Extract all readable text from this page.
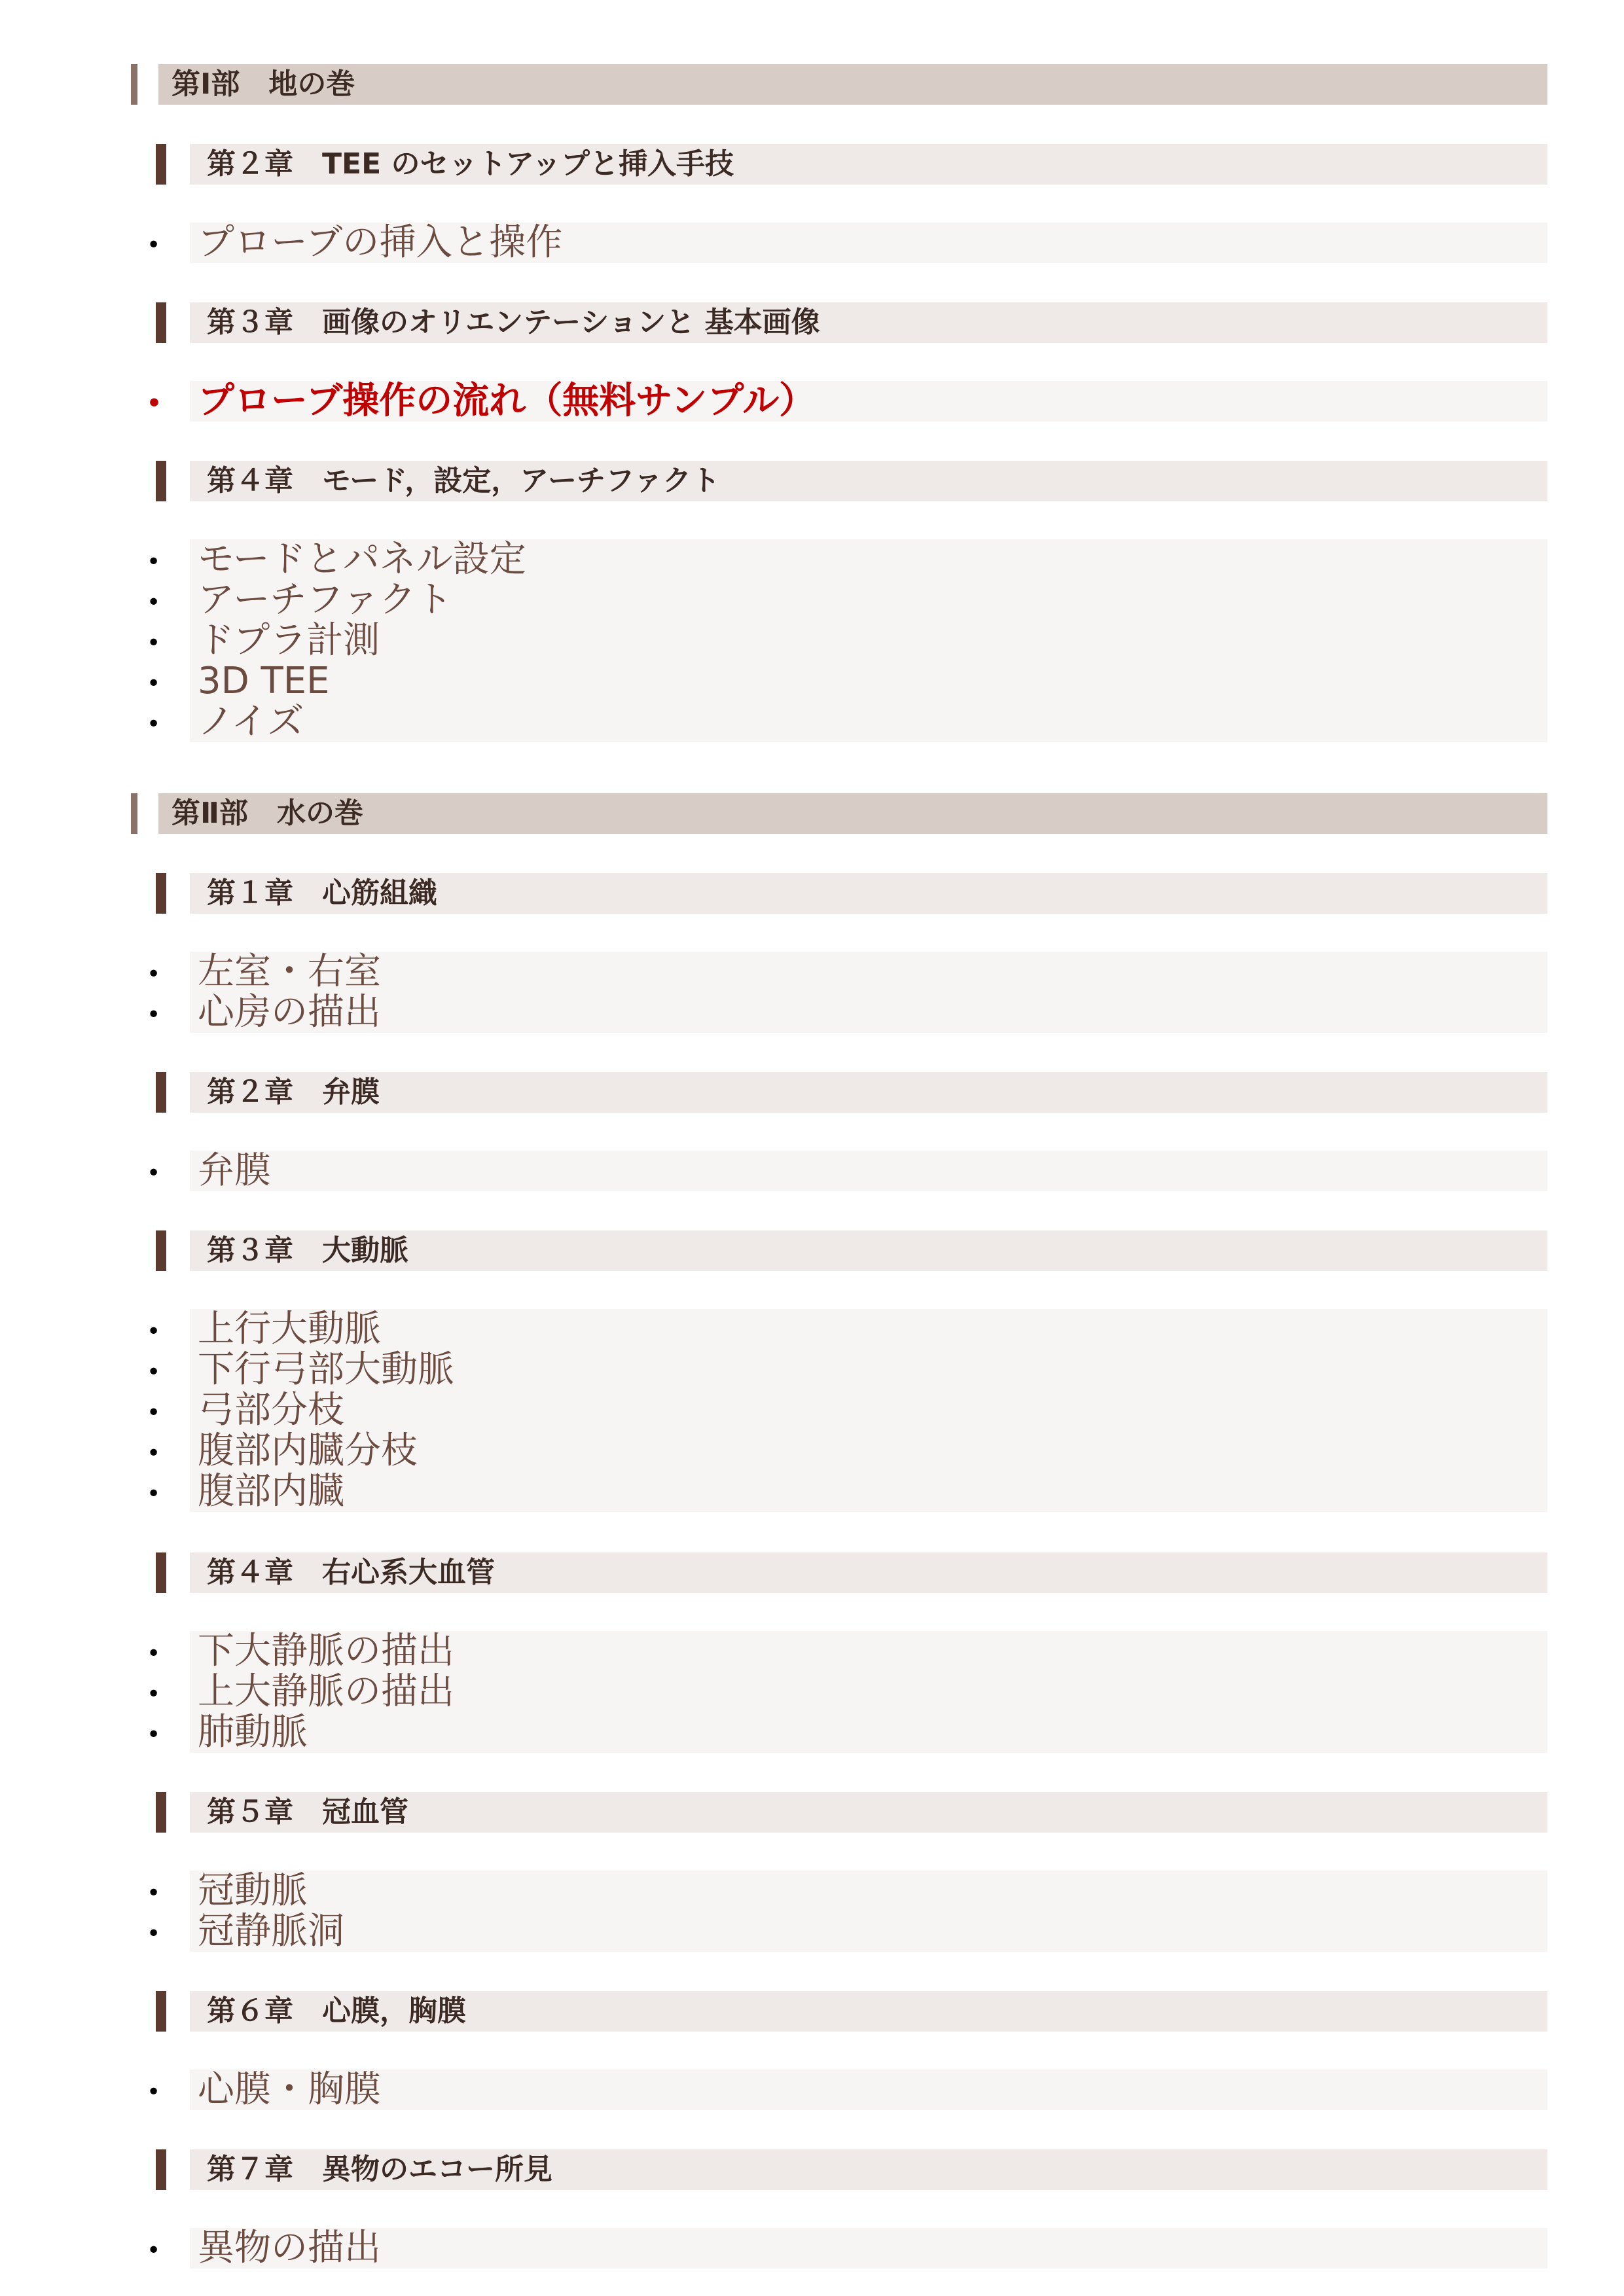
第Ⅰ部　地の巻
第２章　TEE のセットアップと挿入手技
• プローブの挿入と操作
第３章　画像のオリエンテーションと 基本画像
• プローブ操作の流れ（無料サンプル）
第４章　モード，設定，アーチファクト
• モードとパネル設定
• アーチファクト
• ドプラ計測
• 3D TEE
• ノイズ
第Ⅱ部　水の巻
第１章　心筋組織
• 左室・右室
• 心房の描出
第２章　弁膜
• 弁膜
第３章　大動脈
• 上行大動脈
• 下行弓部大動脈
• 弓部分枝
• 腹部内臓分枝
• 腹部内臓
第４章　右心系大血管
• 下大静脈の描出
• 上大静脈の描出
• 肺動脈
第５章　冠血管
• 冠動脈
• 冠静脈洞
第６章　心膜，胸膜
• 心膜・胸膜
第７章　異物のエコー所見
• 異物の描出
